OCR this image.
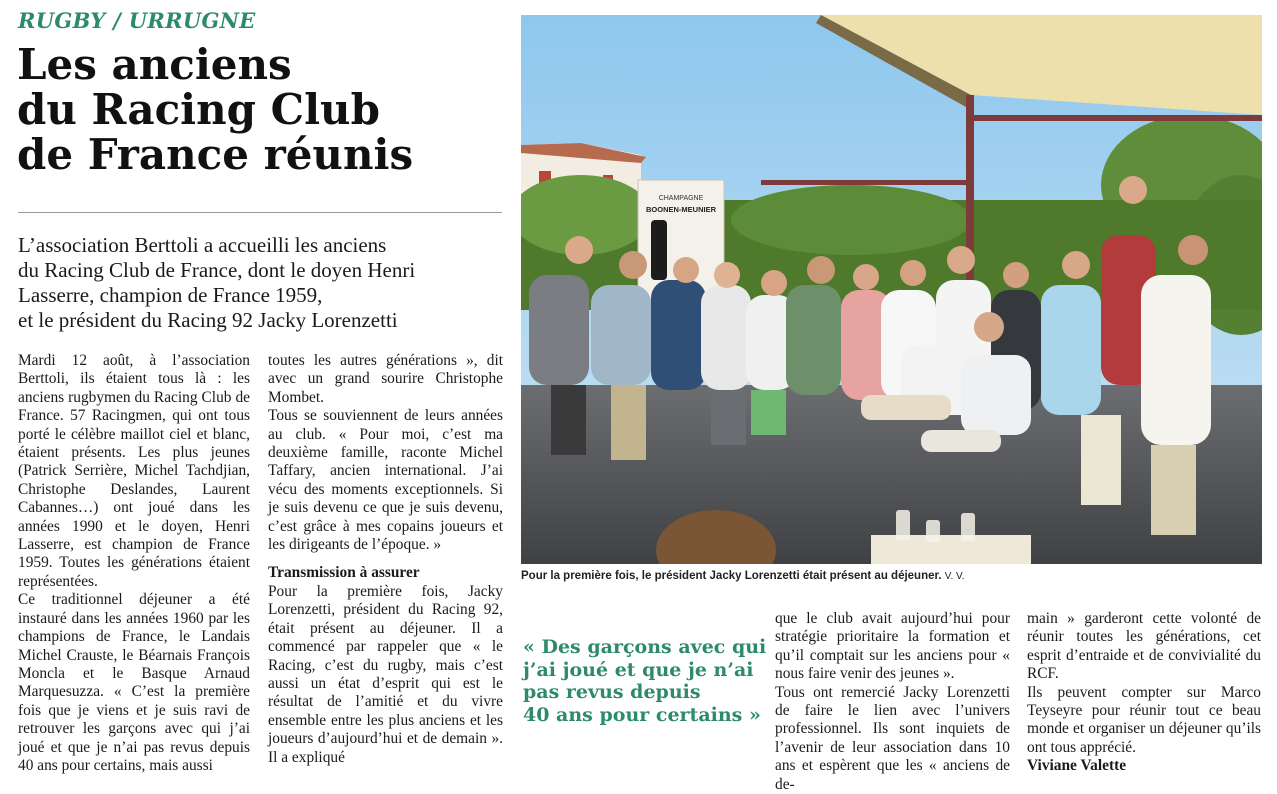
RUGBY / URRUGNE
Les anciens
du Racing Club
de France réunis
L’association Berttoli a accueilli les anciens
du Racing Club de France, dont le doyen Henri
Lasserre, champion de France 1959,
et le président du Racing 92 Jacky Lorenzetti

Mardi 12 août, à l’association Berttoli, ils étaient tous là : les anciens rugbymen du Racing Club de France. 57 Racingmen, qui ont tous porté le célèbre maillot ciel et blanc, étaient présents. Les plus jeunes (Patrick Serrière, Michel Tachdjian, Christophe Deslandes, Laurent Cabannes…) ont joué dans les années 1990 et le doyen, Henri Lasserre, est champion de France 1959. Toutes les générations étaient représentées.

Ce traditionnel déjeuner a été instauré dans les années 1960 par les champions de France, le Landais Michel Crauste, le Béarnais François Moncla et le Basque Arnaud Marquesuzza. « C’est la première fois que je viens et je suis ravi de retrouver les garçons avec qui j’ai joué et que je n’ai pas revus depuis 40 ans pour certains, mais aussi

toutes les autres générations », dit avec un grand sourire Christophe Mombet.

Tous se souviennent de leurs années au club. « Pour moi, c’est ma deuxième famille, raconte Michel Taffary, ancien international. J’ai vécu des moments exceptionnels. Si je suis devenu ce que je suis devenu, c’est grâce à mes copains joueurs et les dirigeants de l’époque. »

Transmission à assurer

Pour la première fois, Jacky Lorenzetti, président du Racing 92, était présent au déjeuner. Il a commencé par rappeler que « le Racing, c’est du rugby, mais c’est aussi un état d’esprit qui est le résultat de l’amitié et du vivre ensemble entre les plus anciens et les joueurs d’aujourd’hui et de demain ». Il a expliqué

CHAMPAGNE
BOONEN-MEUNIER
Pour la première fois, le président Jacky Lorenzetti était présent au déjeuner. V. V.
« Des garçons avec qui
j’ai joué et que je n’ai
pas revus depuis
40 ans pour certains »

que le club avait aujourd’hui pour stratégie prioritaire la formation et qu’il comptait sur les anciens pour « nous faire venir des jeunes ».

Tous ont remercié Jacky Lorenzetti de faire le lien avec l’univers professionnel. Ils sont inquiets de l’avenir de leur association dans 10 ans et espèrent que les « anciens de de-

main » garderont cette volonté de réunir toutes les générations, cet esprit d’entraide et de convivialité du RCF.

Ils peuvent compter sur Marco Teyseyre pour réunir tout ce beau monde et organiser un déjeuner qu’ils ont tous apprécié.

Viviane Valette
